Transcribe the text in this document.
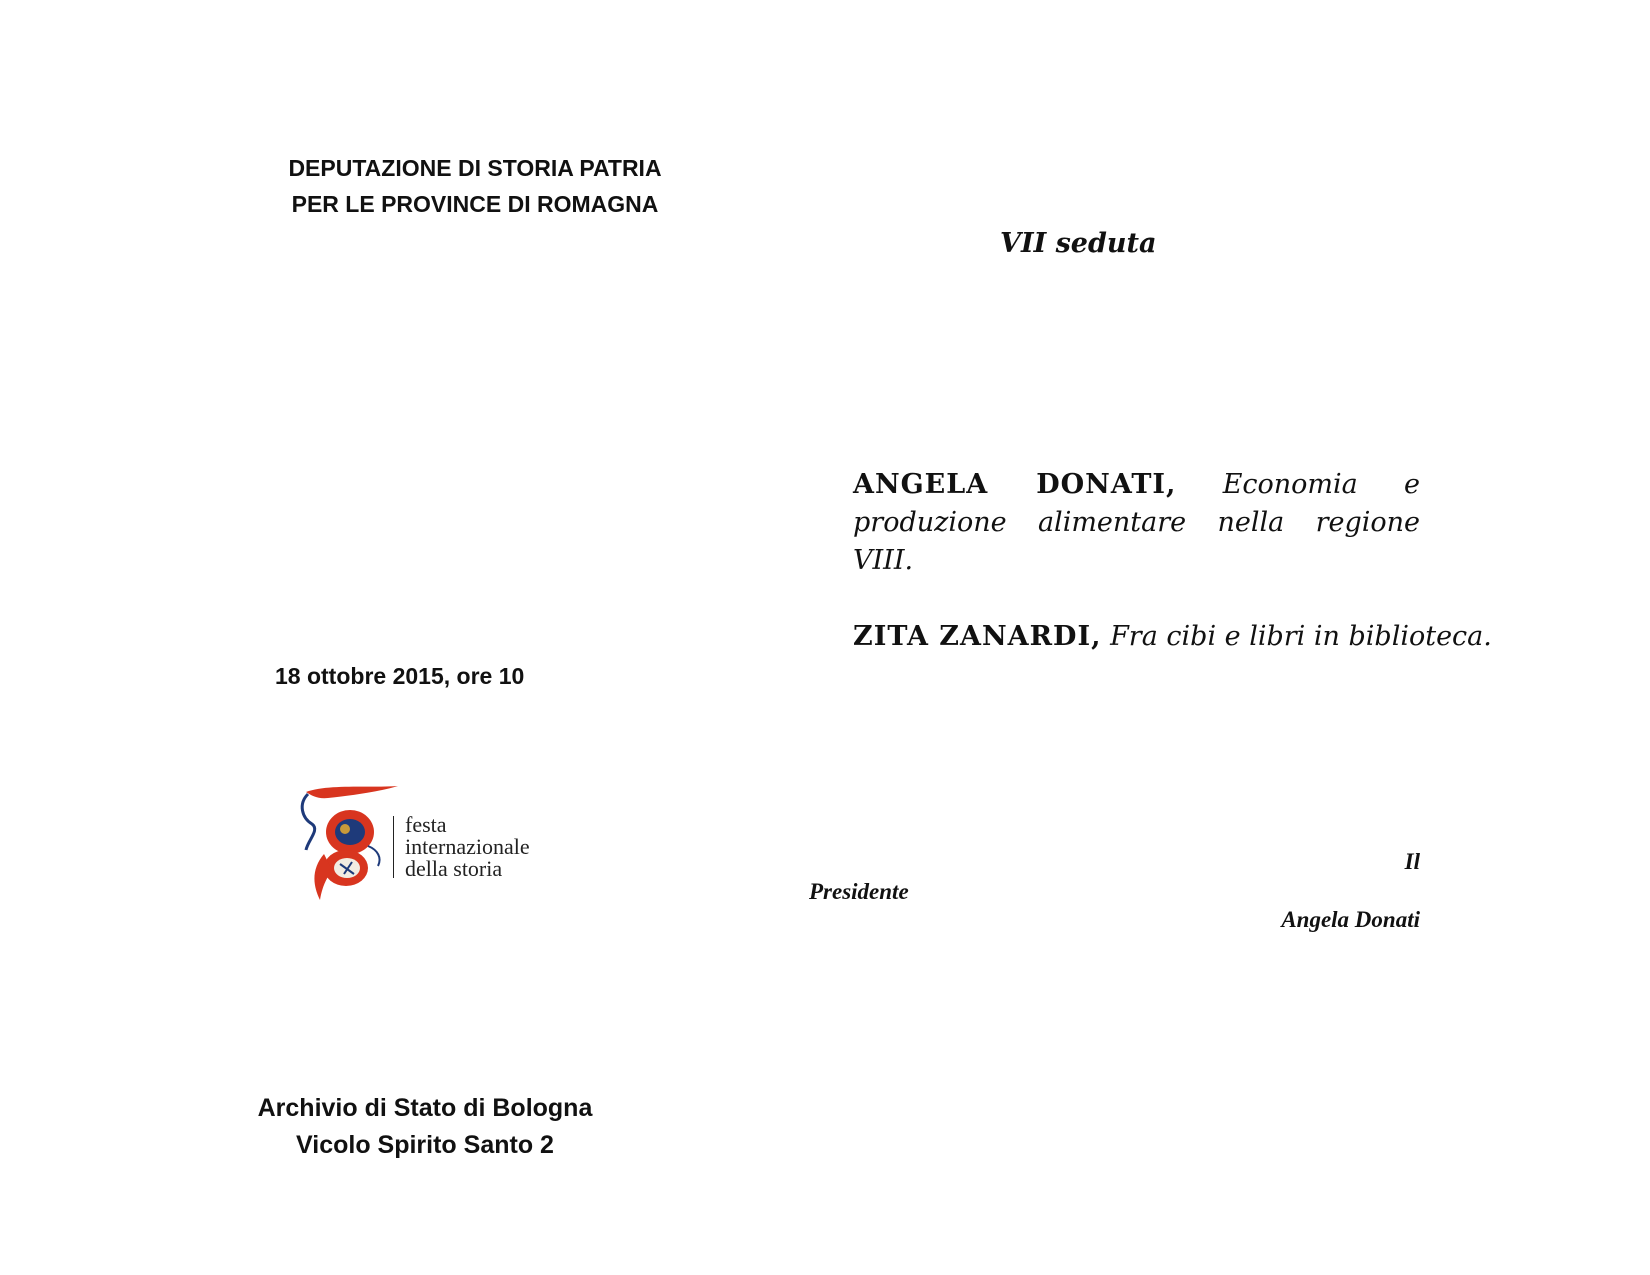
DEPUTAZIONE DI STORIA PATRIA
PER LE PROVINCE DI ROMAGNA
VII seduta
ANGELA DONATI, Economia e produzione alimentare nella regione VIII.
ZITA ZANARDI, Fra cibi e libri in biblioteca.
18 ottobre 2015, ore 10
festa
internazionale
della storia	Il
Presidente
Angela Donati
Archivio di Stato di Bologna
Vicolo Spirito Santo 2
